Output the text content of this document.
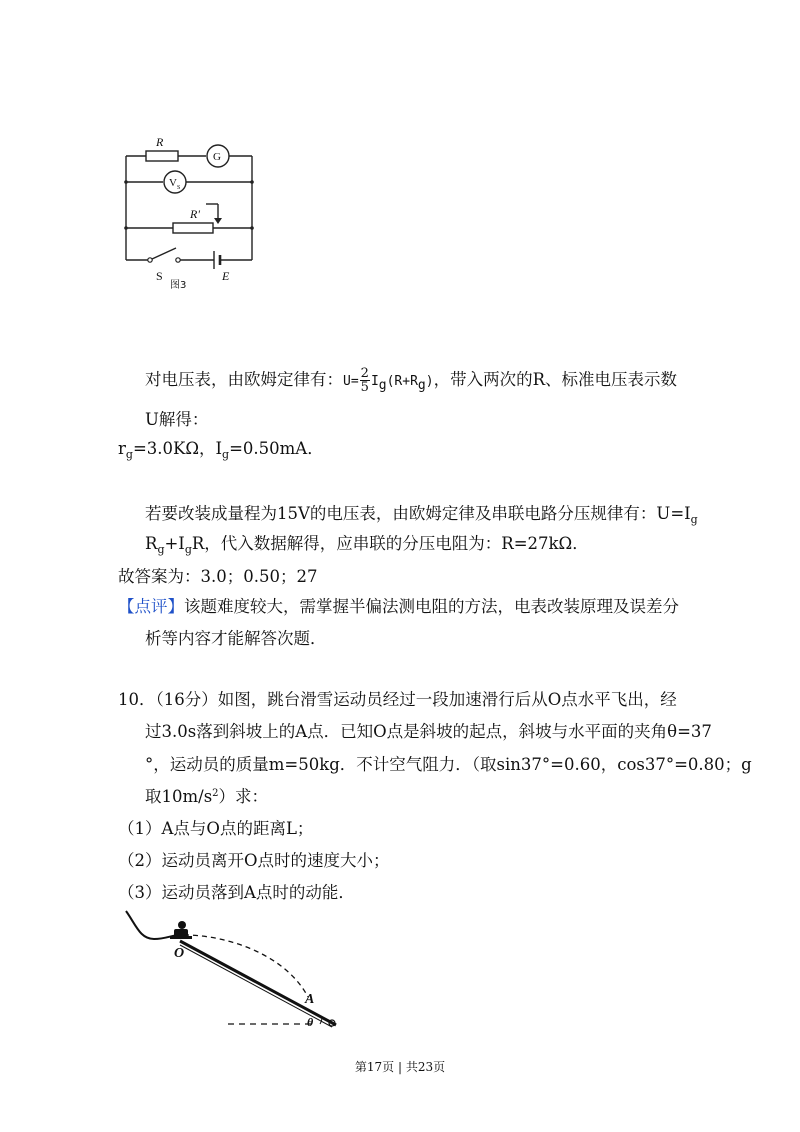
R
G
V S
R'
S	E
图3
对电压表，由欧姆定律有：$U= \frac{2}{5} I_g(R+R_g)$，带入两次的R、标准电压表示数
U解得：
$r_g=3.0K\Omega$，$I_g=0.50mA$．
若要改装成量程为15V的电压表，由欧姆定律及串联电路分压规律有：$U=I_g$
$R_g+I_gR$，代入数据解得，应串联的分压电阻为：R=27kΩ．
故答案为：3.0；0.50；27
【点评】该题难度较大，需掌握半偏法测电阻的方法，电表改装原理及误差分
析等内容才能解答次题．
10．（16分）如图，跳台滑雪运动员经过一段加速滑行后从O点水平飞出，经
过3.0s落到斜坡上的A点．已知O点是斜坡的起点，斜坡与水平面的夹角θ=37
°，运动员的质量m=50kg．不计空气阻力．（取sin37°=0.60，cos37°=0.80；g
取$10m/s^2$）求：
（1）A点与O点的距离L；
（2）运动员离开O点时的速度大小；
（3）运动员落到A点时的动能．
O
A
θ
第17页 | 共23页
